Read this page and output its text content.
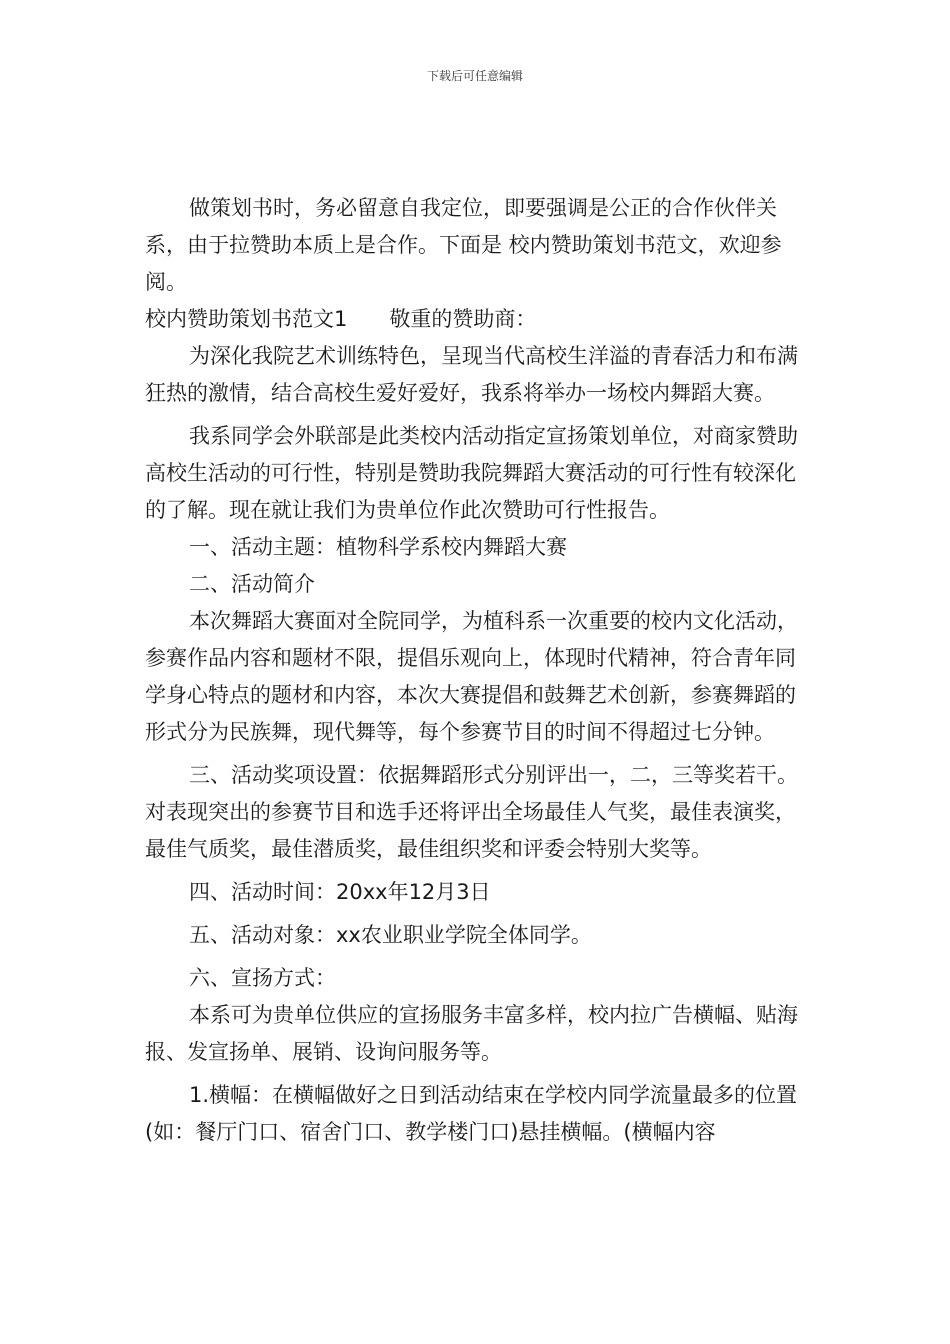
下载后可任意编辑

做策划书时，务必留意自我定位，即要强调是公正的合作伙伴关系，由于拉赞助本质上是合作。下面是 校内赞助策划书范文，欢迎参阅。

校内赞助策划书范文1　　敬重的赞助商：

为深化我院艺术训练特色，呈现当代高校生洋溢的青春活力和布满狂热的激情，结合高校生爱好爱好，我系将举办一场校内舞蹈大赛。

我系同学会外联部是此类校内活动指定宣扬策划单位，对商家赞助高校生活动的可行性，特别是赞助我院舞蹈大赛活动的可行性有较深化的了解。现在就让我们为贵单位作此次赞助可行性报告。

一、活动主题：植物科学系校内舞蹈大赛

二、活动简介

本次舞蹈大赛面对全院同学，为植科系一次重要的校内文化活动，参赛作品内容和题材不限，提倡乐观向上，体现时代精神，符合青年同学身心特点的题材和内容，本次大赛提倡和鼓舞艺术创新，参赛舞蹈的形式分为民族舞，现代舞等，每个参赛节目的时间不得超过七分钟。

三、活动奖项设置：依据舞蹈形式分别评出一，二，三等奖若干。对表现突出的参赛节目和选手还将评出全场最佳人气奖，最佳表演奖，最佳气质奖，最佳潜质奖，最佳组织奖和评委会特别大奖等。

四、活动时间：20xx年12月3日

五、活动对象：xx农业职业学院全体同学。

六、宣扬方式：

本系可为贵单位供应的宣扬服务丰富多样，校内拉广告横幅、贴海报、发宣扬单、展销、设询问服务等。

1.横幅：在横幅做好之日到活动结束在学校内同学流量最多的位置(如：餐厅门口、宿舍门口、教学楼门口)悬挂横幅。(横幅内容
